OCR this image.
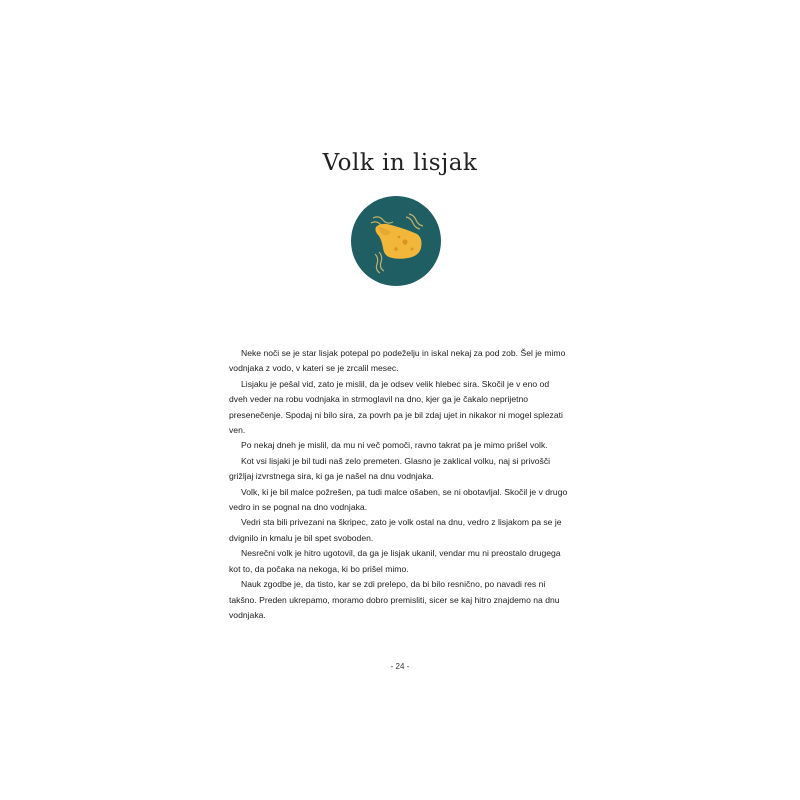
Volk in lisjak

Neke noči se je star lisjak potepal po podeželju in iskal nekaj za pod zob. Šel je mimo vodnjaka z vodo, v kateri se je zrcalil mesec.

Lisjaku je pešal vid, zato je mislil, da je odsev velik hlebec sira. Skočil je v eno od dveh veder na robu vodnjaka in strmoglavil na dno, kjer ga je čakalo neprijetno presenečenje. Spodaj ni bilo sira, za povrh pa je bil zdaj ujet in nikakor ni mogel splezati ven.

Po nekaj dneh je mislil, da mu ni več pomoči, ravno takrat pa je mimo prišel volk.

Kot vsi lisjaki je bil tudi naš zelo premeten. Glasno je zaklical volku, naj si privošči grižljaj izvrstnega sira, ki ga je našel na dnu vodnjaka.

Volk, ki je bil malce požrešen, pa tudi malce ošaben, se ni obotavljal. Skočil je v drugo vedro in se pognal na dno vodnjaka.

Vedri sta bili privezani na škripec, zato je volk ostal na dnu, vedro z lisjakom pa se je dvignilo in kmalu je bil spet svoboden.

Nesrečni volk je hitro ugotovil, da ga je lisjak ukanil, vendar mu ni preostalo drugega kot to, da počaka na nekoga, ki bo prišel mimo.

Nauk zgodbe je, da tisto, kar se zdi prelepo, da bi bilo resnično, po navadi res ni takšno. Preden ukrepamo, moramo dobro premisliti, sicer se kaj hitro znajdemo na dnu vodnjaka.

- 24 -
